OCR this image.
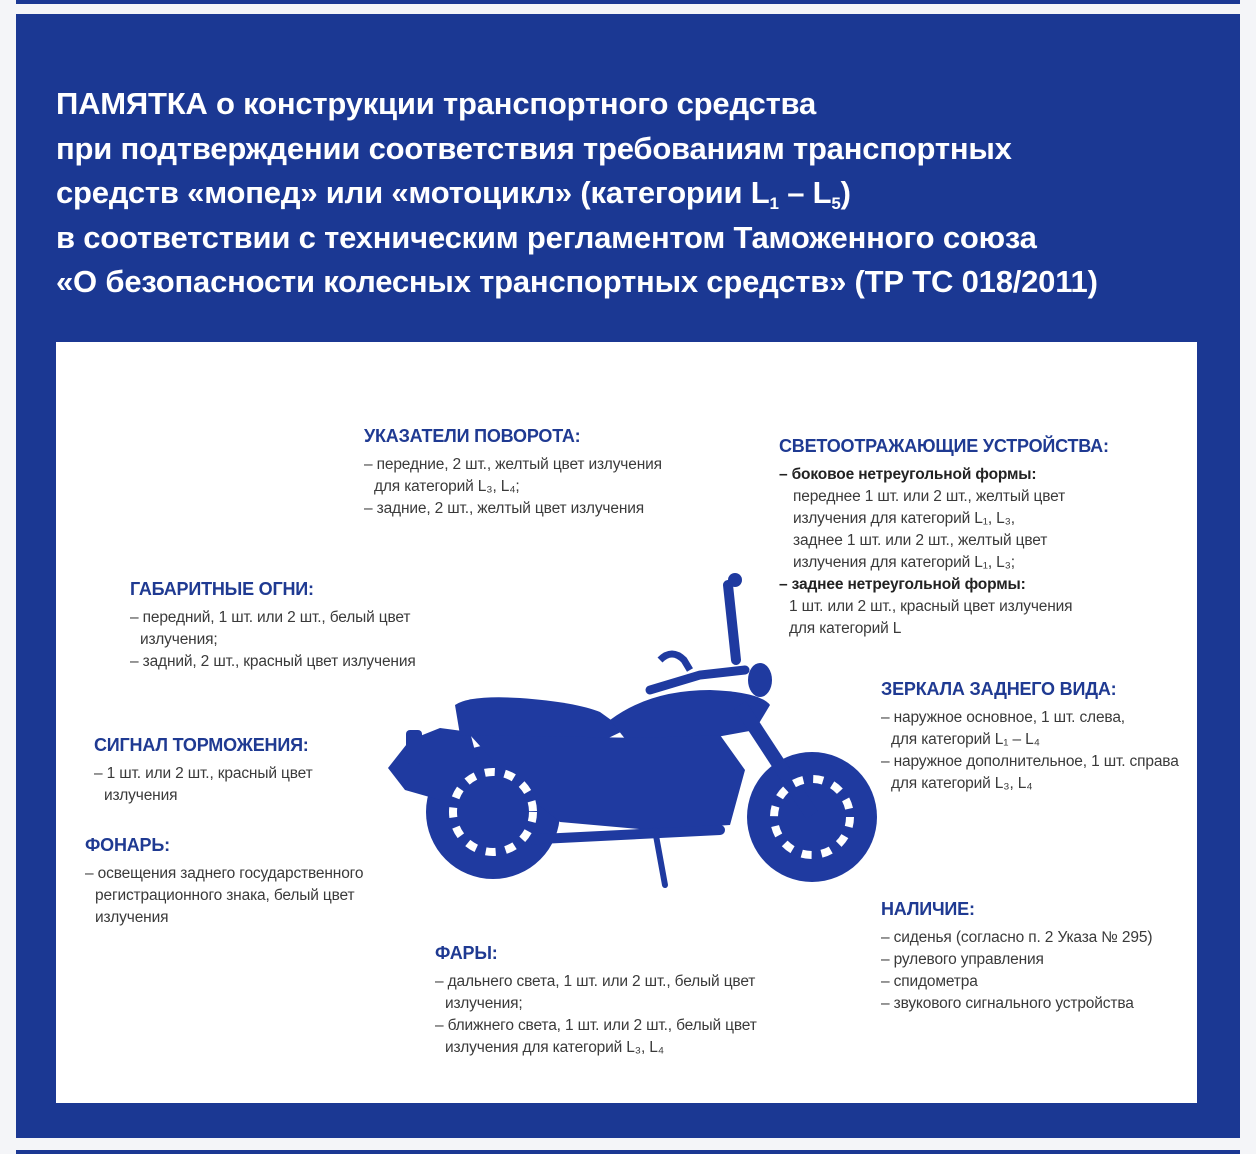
ПАМЯТКА о конструкции транспортного средства
при подтверждении соответствия требованиям транспортных
средств «мопед» или «мотоцикл» (категории $L_1 - L_5$)
в соответствии с техническим регламентом Таможенного союза
«О безопасности колесных транспортных средств» (ТР ТС 018/2011)
УКАЗАТЕЛИ ПОВОРОТА:
– передние, 2 шт., желтый цвет излучения
для категорий L₃, L₄;
– задние, 2 шт., желтый цвет излучения
СВЕТООТРАЖАЮЩИЕ УСТРОЙСТВА:
– боковое нетреугольной формы:
переднее 1 шт. или 2 шт., желтый цвет
излучения для категорий L₁, L₃,
заднее 1 шт. или 2 шт., желтый цвет
излучения для категорий L₁, L₃;
– заднее нетреугольной формы:
1 шт. или 2 шт., красный цвет излучения
для категорий L
ГАБАРИТНЫЕ ОГНИ:
– передний, 1 шт. или 2 шт., белый цвет
излучения;
– задний, 2 шт., красный цвет излучения
ЗЕРКАЛА ЗАДНЕГО ВИДА:
– наружное основное, 1 шт. слева,
для категорий L₁ – L₄
– наружное дополнительное, 1 шт. справа
для категорий L₃, L₄
СИГНАЛ ТОРМОЖЕНИЯ:
– 1 шт. или 2 шт., красный цвет
излучения
ФОНАРЬ:
– освещения заднего государственного
регистрационного знака, белый цвет
излучения	НАЛИЧИЕ:
– сиденья (согласно п. 2 Указа № 295)
– рулевого управления
– спидометра
– звукового сигнального устройства
ФАРЫ:
– дальнего света, 1 шт. или 2 шт., белый цвет
излучения;
– ближнего света, 1 шт. или 2 шт., белый цвет
излучения для категорий L₃, L₄
